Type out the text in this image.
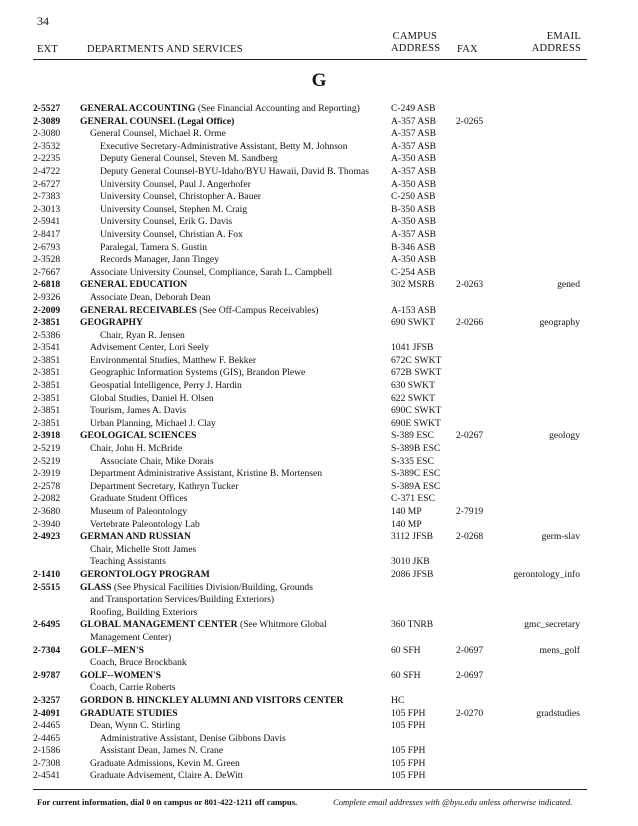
34
EXT	DEPARTMENTS AND SERVICES
CAMPUS
ADDRESS FAX
EMAIL
ADDRESS
G
2-5527	GENERAL ACCOUNTING (See Financial Accounting and Reporting)	C-249 ASB
2-3089	GENERAL COUNSEL (Legal Office)	A-357 ASB 2-0265
2-3080	General Counsel, Michael R. Orme	A-357 ASB
2-3532	Executive Secretary-Administrative Assistant, Betty M. Johnson	A-357 ASB
2-2235	Deputy General Counsel, Steven M. Sandberg	A-350 ASB
2-4722	Deputy General Counsel-BYU-Idaho/BYU Hawaii, David B. Thomas A-357 ASB
2-6727	University Counsel, Paul J. Angerhofer	A-350 ASB
2-7383	University Counsel, Christopher A. Bauer	C-250 ASB
2-3013	University Counsel, Stephen M. Craig	B-350 ASB
2-5941	University Counsel, Erik G. Davis	A-350 ASB
2-8417	University Counsel, Christian A. Fox	A-357 ASB
2-6793	Paralegal, Tamera S. Gustin	B-346 ASB
2-3528	Records Manager, Jann Tingey	A-350 ASB
2-7667	Associate University Counsel, Compliance, Sarah L. Campbell	C-254 ASB
2-6818	GENERAL EDUCATION	302 MSRB 2-0263	gened
2-9326	Associate Dean, Deborah Dean
2-2009	GENERAL RECEIVABLES (See Off-Campus Receivables)	A-153 ASB
2-3851	GEOGRAPHY	690 SWKT 2-0266	geography
2-5386	Chair, Ryan R. Jensen
2-3541	Advisement Center, Lori Seely	1041 JFSB
2-3851	Environmental Studies, Matthew F. Bekker	672C SWKT
2-3851	Geographic Information Systems (GIS), Brandon Plewe	672B SWKT
2-3851	Geospatial Intelligence, Perry J. Hardin	630 SWKT
2-3851	Global Studies, Daniel H. Olsen	622 SWKT
2-3851	Tourism, James A. Davis	690C SWKT
2-3851	Urban Planning, Michael J. Clay	690E SWKT
2-3918	GEOLOGICAL SCIENCES	S-389 ESC 2-0267	geology
2-5219	Chair, John H. McBride	S-389B ESC
2-5219	Associate Chair, Mike Dorais	S-335 ESC
2-3919	Department Administrative Assistant, Kristine B. Mortensen	S-389C ESC
2-2578	Department Secretary, Kathryn Tucker	S-389A ESC
2-2082	Graduate Student Offices	C-371 ESC
2-3680	Museum of Paleontology	140 MP	2-7919
2-3940	Vertebrate Paleontology Lab	140 MP
2-4923	GERMAN AND RUSSIAN	3112 JFSB 2-0268	germ-slav
Chair, Michelle Stott James
Teaching Assistants	3010 JKB
2-1410	GERONTOLOGY PROGRAM	2086 JFSB	gerontology_info
2-5515	GLASS (See Physical Facilities Division/Building, Grounds
and Transportation Services/Building Exteriors)
Roofing, Building Exteriors
2-6495	GLOBAL MANAGEMENT CENTER (See Whitmore Global	360 TNRB	gmc_secretary
Management Center)
2-7304	GOLF--MEN'S	60 SFH	2-0697	mens_golf
Coach, Bruce Brockbank
2-9787	GOLF--WOMEN'S	60 SFH	2-0697
Coach, Carrie Roberts
2-3257	GORDON B. HINCKLEY ALUMNI AND VISITORS CENTER	HC
2-4091	GRADUATE STUDIES	105 FPH	2-0270	gradstudies
2-4465	Dean, Wynn C. Stirling	105 FPH
2-4465	Administrative Assistant, Denise Gibbons Davis
2-1586	Assistant Dean, James N. Crane	105 FPH
2-7308	Graduate Admissions, Kevin M. Green	105 FPH
2-4541	Graduate Advisement, Claire A. DeWitt	105 FPH
For current information, dial 0 on campus or 801-422-1211 off campus.	Complete email addresses with @byu.edu unless otherwise indicated.
